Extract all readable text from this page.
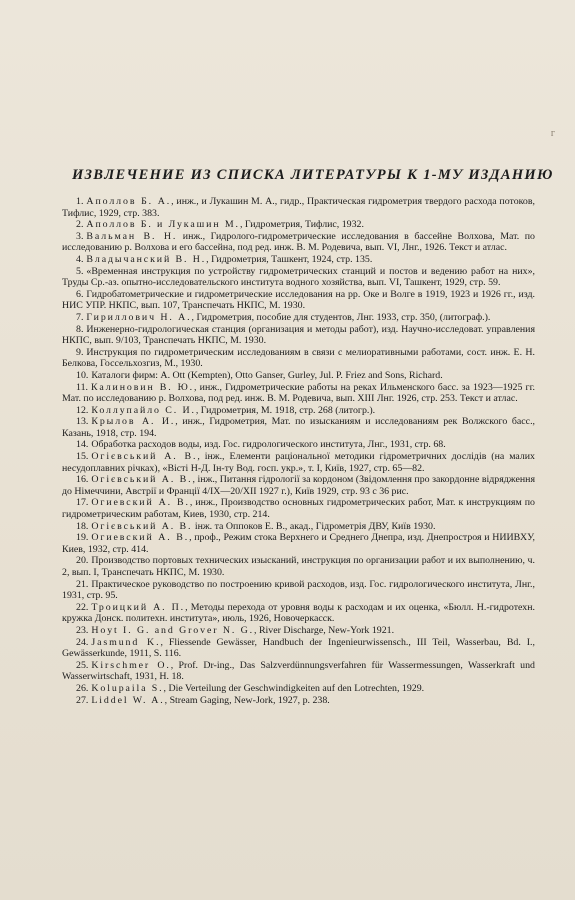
г
ИЗВЛЕЧЕНИЕ ИЗ СПИСКА ЛИТЕРАТУРЫ К 1-МУ ИЗДАНИЮ
1. Аполлов Б. А., инж., и Лукашин М. А., гидр., Практическая гидрометрия твердого расхода потоков, Тифлис, 1929, стр. 383.
2. Аполлов Б. и Лукашин М., Гидрометрия, Тифлис, 1932.
3. Вальман В. Н. инж., Гидролого-гидрометрические исследования в бассейне Волхова, Мат. по исследованию р. Волхова и его бассейна, под ред. инж. В. М. Родевича, вып. VI, Лнг., 1926. Текст и атлас.
4. Владычанский В. Н., Гидрометрия, Ташкент, 1924, стр. 135.
5. «Временная инструкция по устройству гидрометрических станций и постов и ведению работ на них», Труды Ср.-аз. опытно-исследовательского института водного хозяйства, вып. VI, Ташкент, 1929, стр. 59.
6. Гидробатометрические и гидрометрические исследования на рр. Оке и Волге в 1919, 1923 и 1926 гг., изд. НИС УПР. НКПС, вып. 107, Транспечать НКПС, М. 1930.
7. Гириллович Н. А., Гидрометрия, пособие для студентов, Лнг. 1933, стр. 350, (литограф.).
8. Инженерно-гидрологическая станция (организация и методы работ), изд. Научно-исследоват. управления НКПС, вып. 9/103, Транспечать НКПС, М. 1930.
9. Инструкция по гидрометрическим исследованиям в связи с мелиоративными работами, сост. инж. Е. Н. Белкова, Госсельхозгиз, М., 1930.
10. Каталоги фирм: A. Ott (Kempten), Otto Ganser, Gurley, Jul. P. Friez and Sons, Richard.
11. Калиновин В. Ю., инж., Гидрометрические работы на реках Ильменского басс. за 1923—1925 гг. Мат. по исследованию р. Волхова, под ред. инж. В. М. Родевича, вып. XIII Лнг. 1926, стр. 253. Текст и атлас.
12. Коллупайло С. И., Гидрометрия, М. 1918, стр. 268 (литогр.).
13. Крылов А. И., инж., Гидрометрия, Мат. по изысканиям и исследованиям рек Волжского басс., Казань, 1918, стр. 194.
14. Обработка расходов воды, изд. Гос. гидрологического института, Лнг., 1931, стр. 68.
15. Огієвський А. В., інж., Елементи раціональної методики гідрометричних дослідів (на малих несудоплавних річках), «Вісті Н-Д. Ін-ту Вод. госп. укр.», т. I, Київ, 1927, стр. 65—82.
16. Огієвський А. В., інж., Питання гідрології за кордоном (Звідомлення про закордонне відрядження до Німеччини, Австрії и Франції 4/IX—20/XII 1927 г.), Київ 1929, стр. 93 с 36 рис.
17. Огиевский А. В., инж., Производство основных гидрометрических работ, Мат. к инструкциям по гидрометрическим работам, Киев, 1930, стр. 214.
18. Огієвський А. В. інж. та Оппоков Е. В., акад., Гідрометрія ДВУ, Київ 1930.
19. Огиевский А. В., проф., Режим стока Верхнего и Среднего Днепра, изд. Днепростроя и НИИВХУ, Киев, 1932, стр. 414.
20. Производство портовых технических изысканий, инструкция по организации работ и их выполнению, ч. 2, вып. I, Транспечать НКПС, М. 1930.
21. Практическое руководство по построению кривой расходов, изд. Гос. гидрологического института, Лнг., 1931, стр. 95.
22. Троицкий А. П., Методы перехода от уровня воды к расходам и их оценка, «Бюлл. Н.-гидротехн. кружка Донск. политехн. института», июль, 1926, Новочеркасск.
23. Hoyt I. G. and Grover N. G., River Discharge, New-York 1921.
24. Jasmund K., Fliessende Gewässer, Handbuch der Ingenieurwissensch., III Teil, Wasserbau, Bd. I., Gewässerkunde, 1911, S. 116.
25. Kirschmer O., Prof. Dr-ing., Das Salzverdünnungsverfahren für Wassermessungen, Wasserkraft und Wasserwirtschaft, 1931, H. 18.
26. Kolupaila S., Die Verteilung der Geschwindigkeiten auf den Lotrechten, 1929.
27. Liddel W. A., Stream Gaging, New-Jork, 1927, p. 238.
